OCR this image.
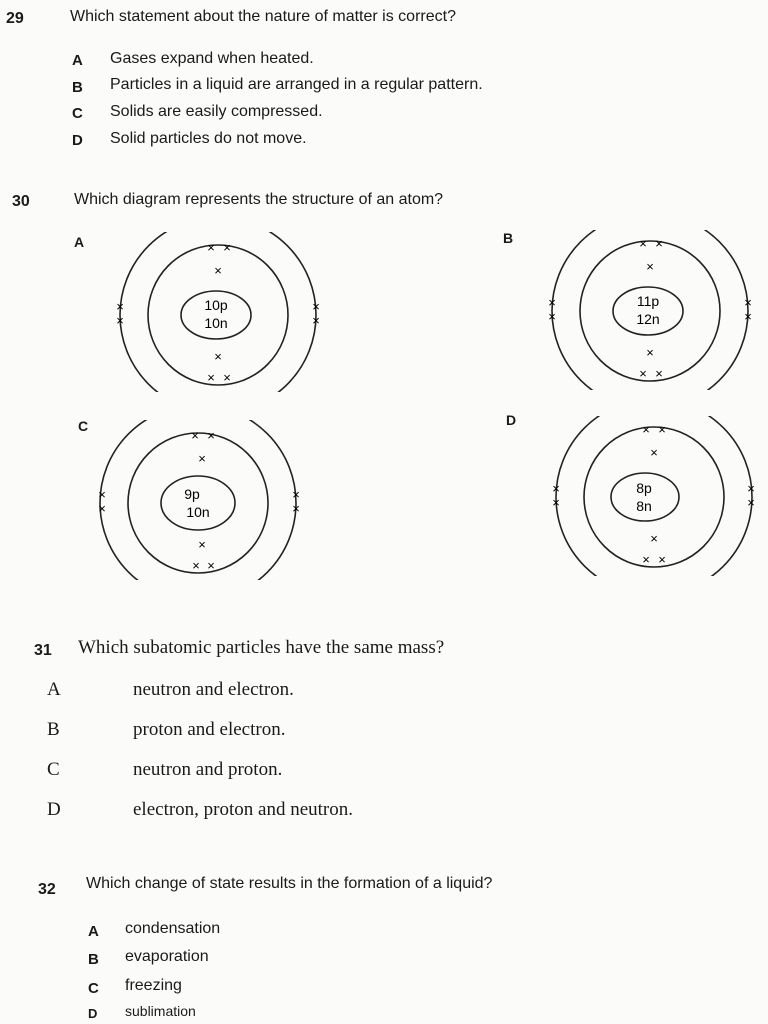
29	Which statement about the nature of matter is correct?
A Gases expand when heated.
B Particles in a liquid are arranged in a regular pattern.
C Solids are easily compressed.
D Solid particles do not move.
30	Which diagram represents the structure of an atom?
A
10p
10n
× ×
×
×
× ×
×
×
×
×
B
11p
12n
× ×
×
×
× ×
×
×
×
×
C
9p
10n
× ×
×
×
× ×
×
×
×
×
D
8p
8n
× ×
×
×
× ×
×
×
×
×
31 Which subatomic particles have the same mass?
A	neutron and electron.
B	proton and electron.
C	neutron and proton.
D	electron, proton and neutron.
32 Which change of state results in the formation of a liquid?
A condensation
B evaporation
C freezing
D sublimation
